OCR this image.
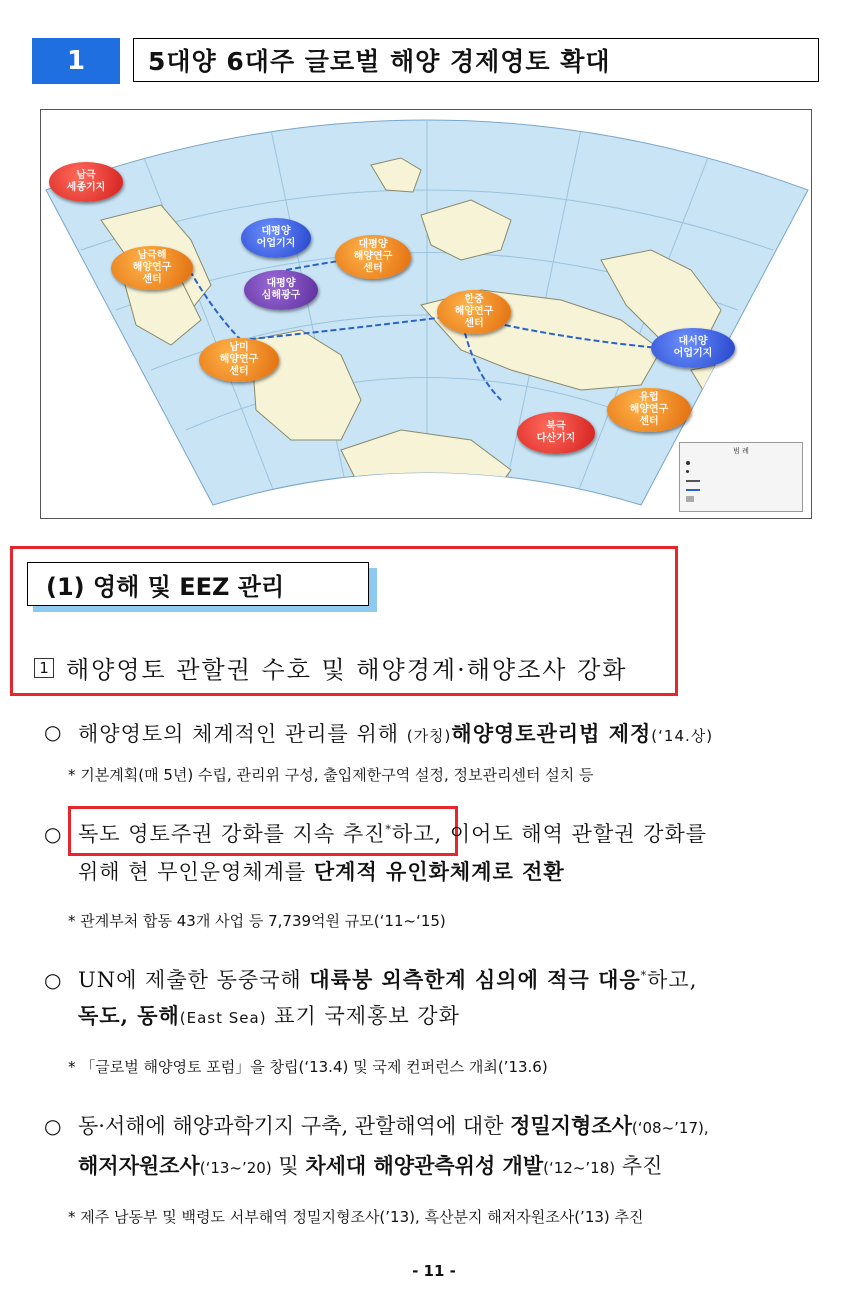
1	5대양 6대주 글로벌 해양 경제영토 확대
남극
세종기지
대평양
어업기지	대평양
해양연구
센터
남극해
해양연구
센터	대평양
심해광구	한중
해양연구
센터
남미
해양연구
센터
대서양
어업기지
북극
다산기지
유럽
해양연구
센터
범 례
(1) 영해 및 EEZ 관리
1 해양영토 관할권 수호 및 해양경계·해양조사 강화
○ 해양영토의 체계적인 관리를 위해 (가칭)해양영토관리법 제정(‘14.상)
* 기본계획(매 5년) 수립, 관리위 구성, 출입제한구역 설정, 정보관리센터 설치 등
○ 독도 영토주권 강화를 지속 추진*하고, 이어도 해역 관할권 강화를
위해 현 무인운영체계를 단계적 유인화체계로 전환
* 관계부처 합동 43개 사업 등 7,739억원 규모(‘11~‘15)
○ UN에 제출한 동중국해 대륙붕 외측한계 심의에 적극 대응*하고,
독도, 동해(East Sea) 표기 국제홍보 강화
* 「글로벌 해양영토 포럼」을 창립(‘13.4) 및 국제 컨퍼런스 개최(’13.6)
○ 동·서해에 해양과학기지 구축, 관할해역에 대한 정밀지형조사(‘08~’17),
해저자원조사(‘13~’20) 및 차세대 해양관측위성 개발(‘12~’18) 추진
* 제주 남동부 및 백령도 서부해역 정밀지형조사(’13), 흑산분지 해저자원조사(’13) 추진
- 11 -
